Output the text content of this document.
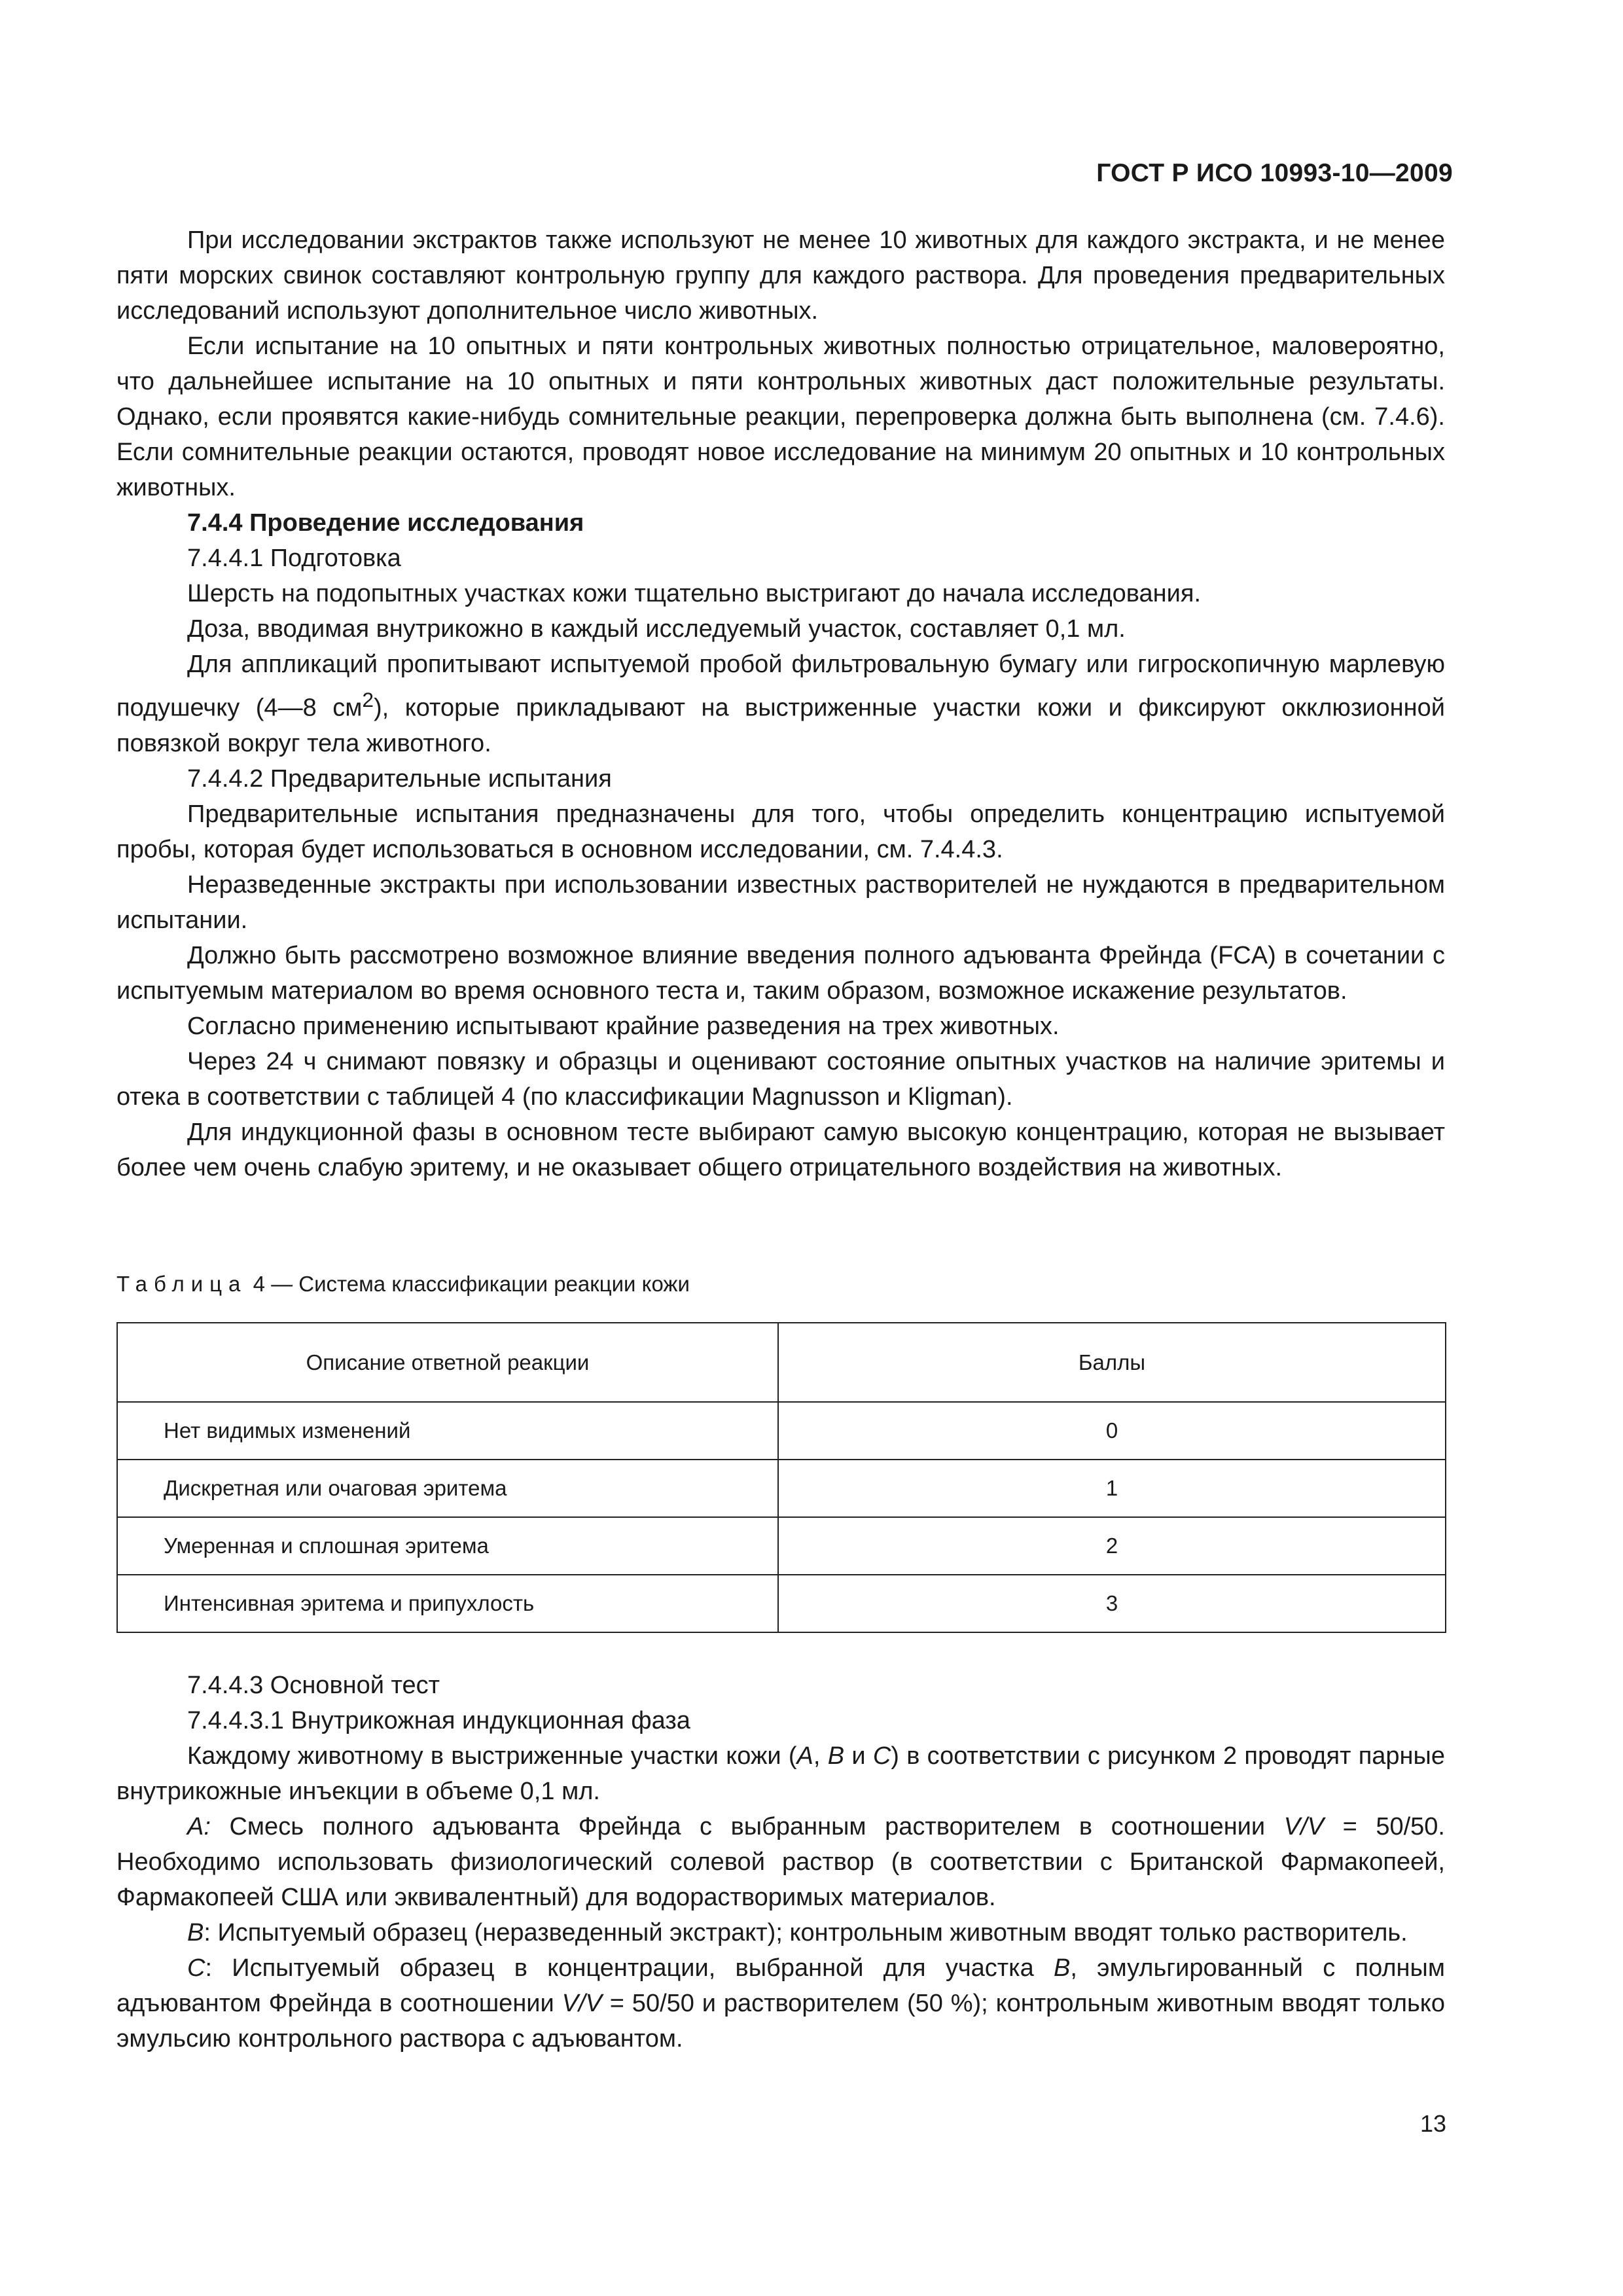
ГОСТ Р ИСО 10993-10—2009

При исследовании экстрактов также используют не менее 10 животных для каждого экстракта, и не менее пяти морских свинок составляют контрольную группу для каждого раствора. Для проведения предварительных исследований используют дополнительное число животных.

Если испытание на 10 опытных и пяти контрольных животных полностью отрицательное, маловероятно, что дальнейшее испытание на 10 опытных и пяти контрольных животных даст положительные результаты. Однако, если проявятся какие-нибудь сомнительные реакции, перепроверка должна быть выполнена (см. 7.4.6). Если сомнительные реакции остаются, проводят новое исследование на минимум 20 опытных и 10 контрольных животных.

7.4.4 Проведение исследования

7.4.4.1 Подготовка

Шерсть на подопытных участках кожи тщательно выстригают до начала исследования.

Доза, вводимая внутрикожно в каждый исследуемый участок, составляет 0,1 мл.

Для аппликаций пропитывают испытуемой пробой фильтровальную бумагу или гигроскопичную марлевую подушечку (4—8 $см^2$), которые прикладывают на выстриженные участки кожи и фиксируют окклюзионной повязкой вокруг тела животного.

7.4.4.2 Предварительные испытания

Предварительные испытания предназначены для того, чтобы определить концентрацию испытуемой пробы, которая будет использоваться в основном исследовании, см. 7.4.4.3.

Неразведенные экстракты при использовании известных растворителей не нуждаются в предварительном испытании.

Должно быть рассмотрено возможное влияние введения полного адъюванта Фрейнда (FCA) в сочетании с испытуемым материалом во время основного теста и, таким образом, возможное искажение результатов.

Согласно применению испытывают крайние разведения на трех животных.

Через 24 ч снимают повязку и образцы и оценивают состояние опытных участков на наличие эритемы и отека в соответствии с таблицей 4 (по классификации Magnusson и Kligman).

Для индукционной фазы в основном тесте выбирают самую высокую концентрацию, которая не вызывает более чем очень слабую эритему, и не оказывает общего отрицательного воздействия на животных.

Таблица 4 — Система классификации реакции кожи
Описание ответной реакции	Баллы
Нет видимых изменений	0
Дискретная или очаговая эритема	1
Умеренная и сплошная эритема	2
Интенсивная эритема и припухлость	3

7.4.4.3 Основной тест

7.4.4.3.1 Внутрикожная индукционная фаза

Каждому животному в выстриженные участки кожи (A, B и C) в соответствии с рисунком 2 проводят парные внутрикожные инъекции в объеме 0,1 мл.

A: Смесь полного адъюванта Фрейнда с выбранным растворителем в соотношении V/V = 50/50. Необходимо использовать физиологический солевой раствор (в соответствии с Британской Фармакопеей, Фармакопеей США или эквивалентный) для водорастворимых материалов.

B: Испытуемый образец (неразведенный экстракт); контрольным животным вводят только растворитель.

C: Испытуемый образец в концентрации, выбранной для участка B, эмульгированный с полным адъювантом Фрейнда в соотношении V/V = 50/50 и растворителем (50 %); контрольным животным вводят только эмульсию контрольного раствора с адъювантом.

13
